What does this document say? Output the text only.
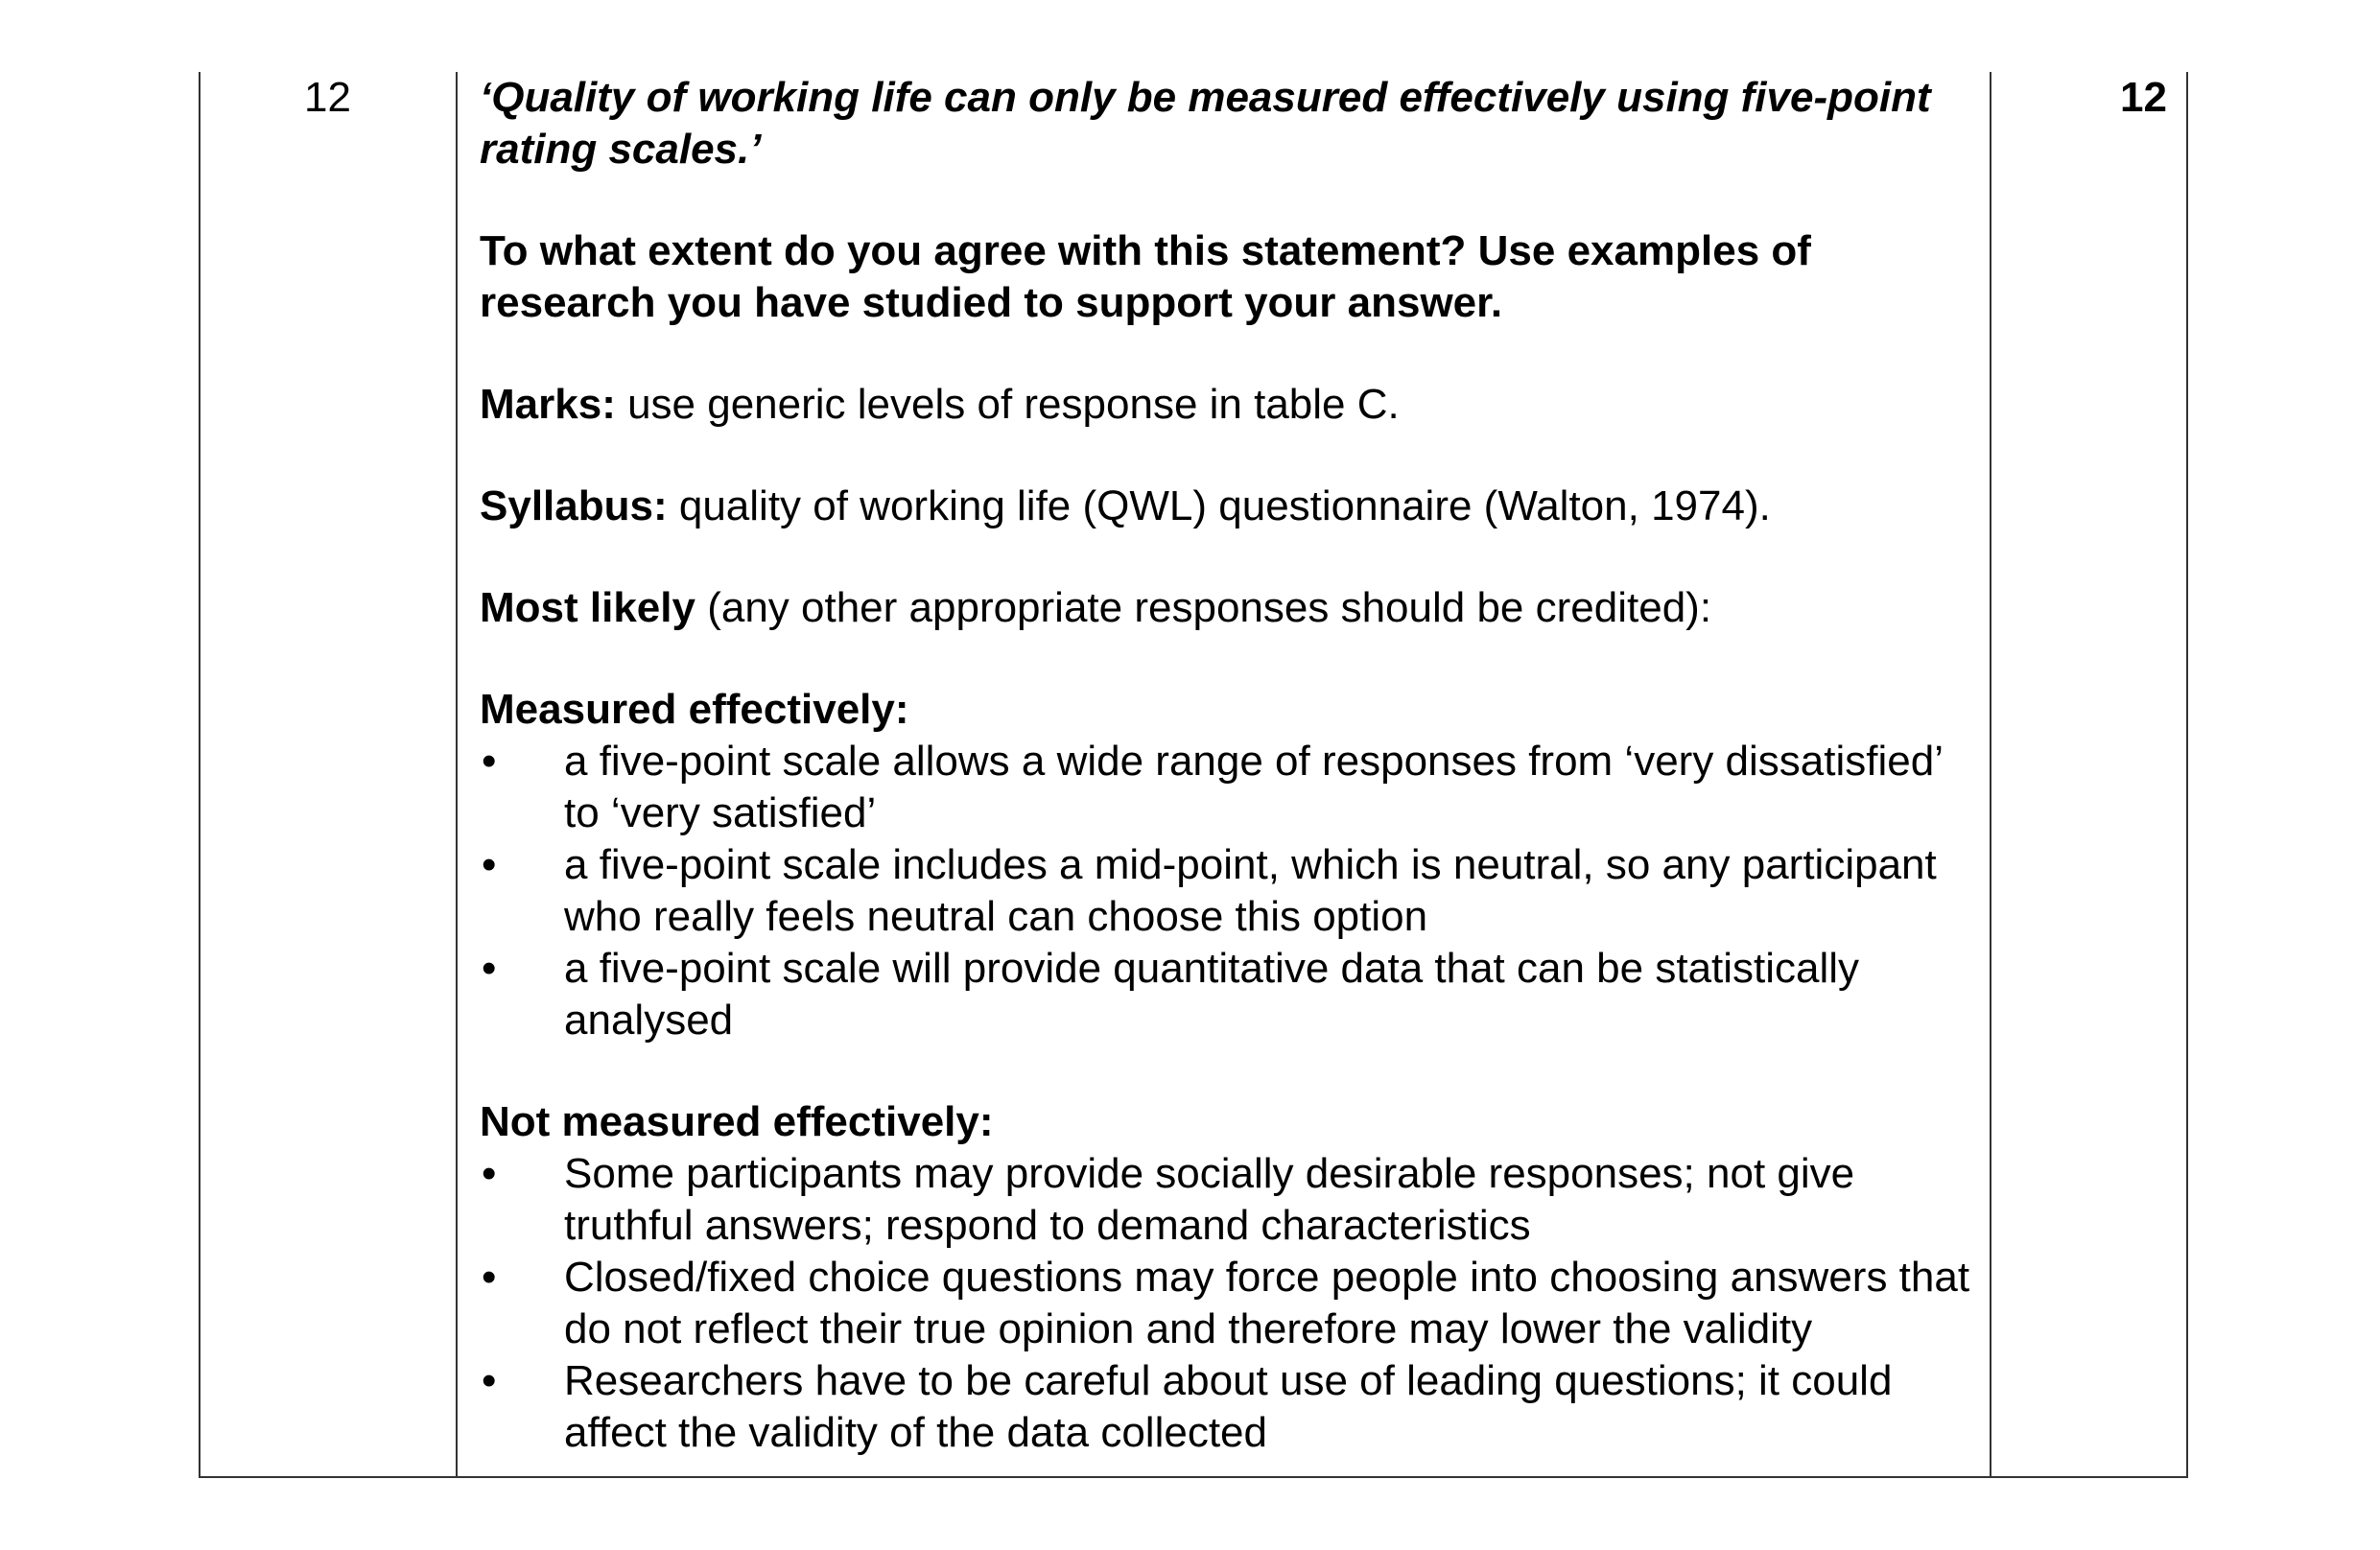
12	‘Quality of working life can only be measured effectively using five-point rating scales.’

To what extent do you agree with this statement? Use examples of research you have studied to support your answer.

Marks: use generic levels of response in table C.

Syllabus: quality of working life (QWL) questionnaire (Walton, 1974).

Most likely (any other appropriate responses should be credited):

Measured effectively:

• a five-point scale allows a wide range of responses from ‘very dissatisfied’ to ‘very satisfied’
• a five-point scale includes a mid-point, which is neutral, so any participant who really feels neutral can choose this option
• a five-point scale will provide quantitative data that can be statistically analysed

Not measured effectively:

• Some participants may provide socially desirable responses; not give truthful answers; respond to demand characteristics
• Closed/fixed choice questions may force people into choosing answers that do not reflect their true opinion and therefore may lower the validity
• Researchers have to be careful about use of leading questions; it could affect the validity of the data collected
12
